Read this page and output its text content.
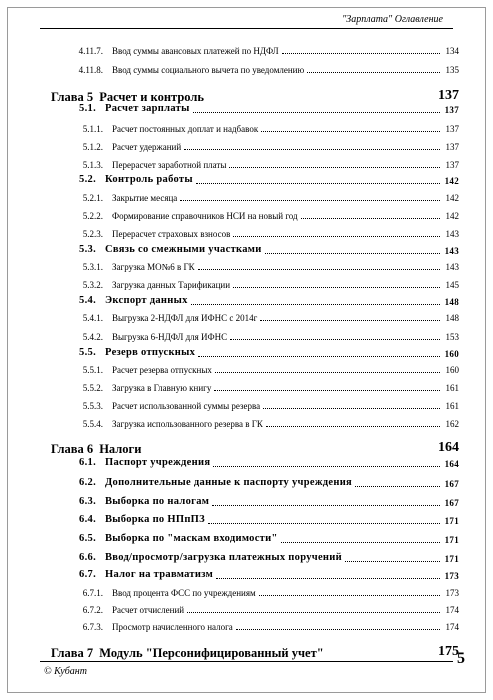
"Зарплата" Оглавление
4.11.7. Ввод суммы авансовых платежей по НДФЛ	134
4.11.8. Ввод суммы социального вычета по уведомлению	135
Глава 5 Расчет и контроль	137
5.1. Расчет зарплаты	137
5.1.1. Расчет постоянных доплат и надбавок	137
5.1.2. Расчет удержаний	137
5.1.3. Перерасчет заработной платы	137
5.2. Контроль работы	142
5.2.1. Закрытие месяца	142
5.2.2. Формирование справочников НСИ на новый год	142
5.2.3. Перерасчет страховых взносов	143
5.3. Связь со смежными участками	143
5.3.1. Загрузка МО№6 в ГК	143
5.3.2. Загрузка данных Тарификации	145
5.4. Экспорт данных	148
5.4.1. Выгрузка 2-НДФЛ для ИФНС с 2014г	148
5.4.2. Выгрузка 6-НДФЛ для ИФНС	153
5.5. Резерв отпускных	160
5.5.1. Расчет резерва отпускных	160
5.5.2. Загрузка в Главную книгу	161
5.5.3. Расчет использованной суммы резерва	161
5.5.4. Загрузка использованного резерва в ГК	162
Глава 6 Налоги	164
6.1. Паспорт учреждения	164
6.2. Дополнительные данные к паспорту учреждения	167
6.3. Выборка по налогам	167
6.4. Выборка по НПпПЗ	171
6.5. Выборка по "маскам входимости"	171
6.6. Ввод/просмотр/загрузка платежных поручений	171
6.7. Налог на травматизм	173
6.7.1. Ввод процента ФСС по учреждениям	173
6.7.2. Расчет отчислений	174
6.7.3. Просмотр начисленного налога	174
Глава 7 Модуль "Персонифицированный учет"	175
© Кубант
5
